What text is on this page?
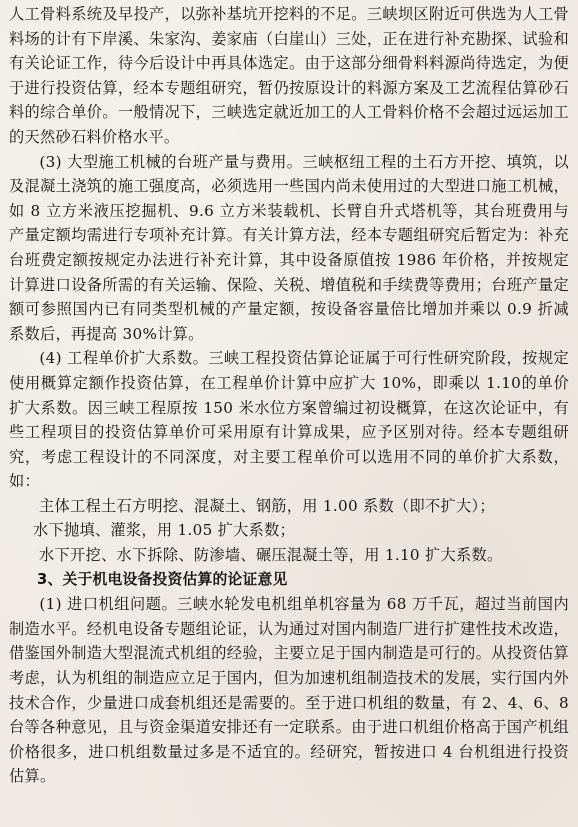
人工骨料系统及早投产，以弥补基坑开挖料的不足。三峡坝区附近可供选为人工骨料场的计有下岸溪、朱家沟、姜家庙（白崖山）三处，正在进行补充勘探、试验和有关论证工作，待今后设计中再具体选定。由于这部分细骨料料源尚待选定，为便于进行投资估算，经本专题组研究，暂仍按原设计的料源方案及工艺流程估算砂石料的综合单价。一般情况下，三峡选定就近加工的人工骨料价格不会超过远运加工的天然砂石料价格水平。

(3) 大型施工机械的台班产量与费用。三峡枢纽工程的土石方开挖、填筑，以及混凝土浇筑的施工强度高，必须选用一些国内尚未使用过的大型进口施工机械，如 8 立方米液压挖掘机、9.6 立方米装载机、长臂自升式塔机等，其台班费用与产量定额均需进行专项补充计算。有关计算方法，经本专题组研究后暂定为：补充台班费定额按规定办法进行补充计算，其中设备原值按 1986 年价格，并按规定计算进口设备所需的有关运输、保险、关税、增值税和手续费等费用；台班产量定额可参照国内已有同类型机械的产量定额，按设备容量倍比增加并乘以 0.9 折减系数后，再提高 30%计算。

(4) 工程单价扩大系数。三峡工程投资估算论证属于可行性研究阶段，按规定使用概算定额作投资估算，在工程单价计算中应扩大 10%，即乘以 1.10的单价扩大系数。因三峡工程原按 150 米水位方案曾编过初设概算，在这次论证中，有些工程项目的投资估算单价可采用原有计算成果，应予区别对待。经本专题组研究，考虑工程设计的不同深度，对主要工程单价可以选用不同的单价扩大系数，如：

主体工程土石方明挖、混凝土、钢筋，用 1.00 系数（即不扩大）；

水下抛填、灌浆，用 1.05 扩大系数；

水下开挖、水下拆除、防渗墙、碾压混凝土等，用 1.10 扩大系数。

3、关于机电设备投资估算的论证意见

(1) 进口机组问题。三峡水轮发电机组单机容量为 68 万千瓦，超过当前国内制造水平。经机电设备专题组论证，认为通过对国内制造厂进行扩建性技术改造，借鉴国外制造大型混流式机组的经验，主要立足于国内制造是可行的。从投资估算考虑，认为机组的制造应立足于国内，但为加速机组制造技术的发展，实行国内外技术合作，少量进口成套机组还是需要的。至于进口机组的数量，有 2、4、6、8 台等各种意见，且与资金渠道安排还有一定联系。由于进口机组价格高于国产机组价格很多，进口机组数量过多是不适宜的。经研究，暂按进口 4 台机组进行投资估算。
